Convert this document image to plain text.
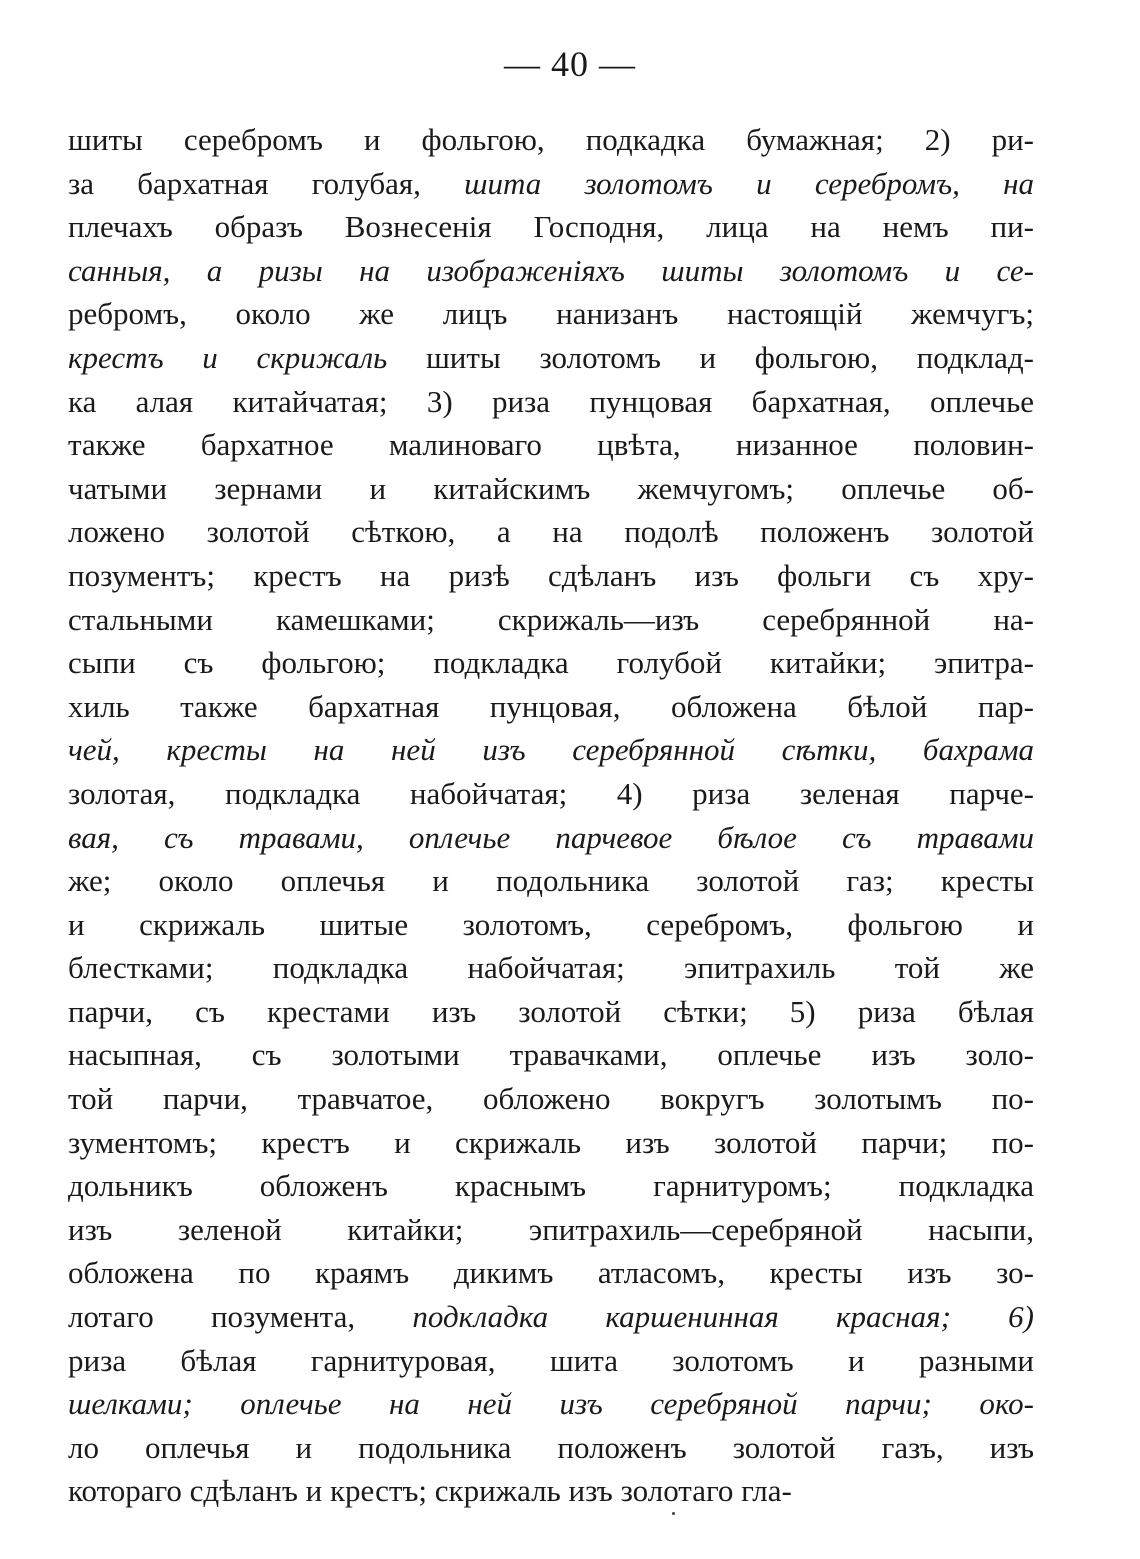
— 40 —
шиты серебромъ и фольгою, подкадка бумажная; 2) ри-
за бархатная голубая, шита золотомъ и серебромъ, на
плечахъ образъ Вознесенія Господня, лица на немъ пи-
санныя, а ризы на изображеніяхъ шиты золотомъ и се-
ребромъ, около же лицъ нанизанъ настоящій жемчугъ;
крестъ и скрижаль шиты золотомъ и фольгою, подклад-
ка алая китайчатая; 3) риза пунцовая бархатная, оплечье
также бархатное малиноваго цвѣта, низанное половин-
чатыми зернами и китайскимъ жемчугомъ; оплечье об-
ложено золотой сѣткою, а на подолѣ положенъ золотой
позументъ; крестъ на ризѣ сдѣланъ изъ фольги съ хру-
стальными камешками; скрижаль—изъ серебрянной на-
сыпи съ фольгою; подкладка голубой китайки; эпитра-
хиль также бархатная пунцовая, обложена бѣлой пар-
чей, кресты на ней изъ серебрянной сѣтки, бахрама
золотая, подкладка набойчатая; 4) риза зеленая парче-
вая, съ травами, оплечье парчевое бѣлое съ травами
же; около оплечья и подольника золотой газ; кресты
и скрижаль шитые золотомъ, серебромъ, фольгою и
блестками; подкладка набойчатая; эпитрахиль той же
парчи, съ крестами изъ золотой сѣтки; 5) риза бѣлая
насыпная, съ золотыми травачками, оплечье изъ золо-
той парчи, травчатое, обложено вокругъ золотымъ по-
зументомъ; крестъ и скрижаль изъ золотой парчи; по-
дольникъ обложенъ краснымъ гарнитуромъ; подкладка
изъ зеленой китайки; эпитрахиль—серебряной насыпи,
обложена по краямъ дикимъ атласомъ, кресты изъ зо-
лотаго позумента, подкладка каршенинная красная; 6)
риза бѣлая гарнитуровая, шита золотомъ и разными
шелками; оплечье на ней изъ серебряной парчи; око-
ло оплечья и подольника положенъ золотой газъ, изъ
котораго сдѣланъ и крестъ; скрижаль изъ золотаго гла-
